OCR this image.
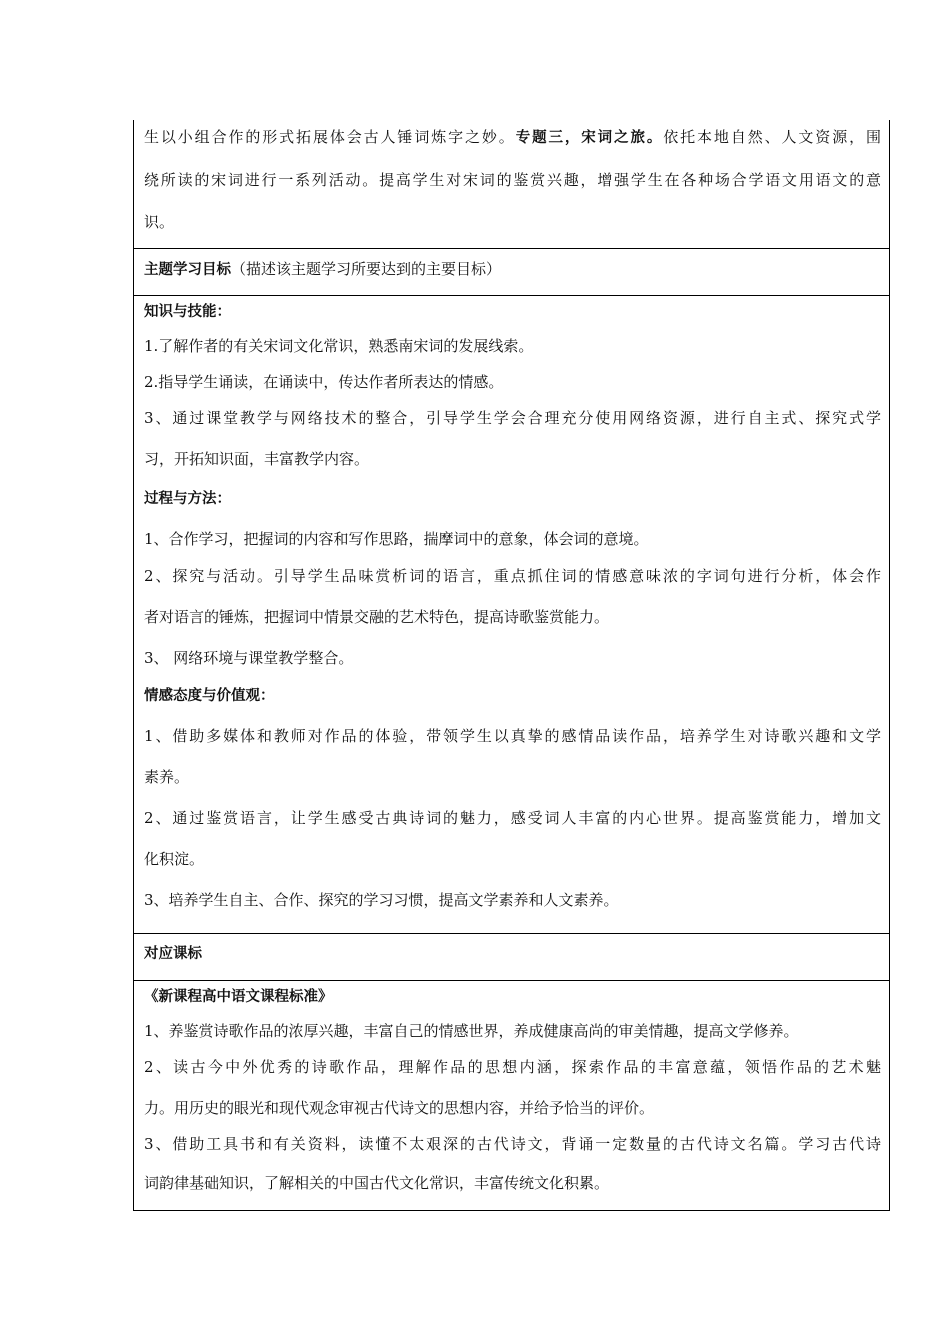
生以小组合作的形式拓展体会古人锤词炼字之妙。专题三，宋词之旅。依托本地自然、人文资源，围
绕所读的宋词进行一系列活动。提高学生对宋词的鉴赏兴趣，增强学生在各种场合学语文用语文的意
识。
主题学习目标（描述该主题学习所要达到的主要目标）
知识与技能：
1.了解作者的有关宋词文化常识，熟悉南宋词的发展线索。
2.指导学生诵读，在诵读中，传达作者所表达的情感。
3、通过课堂教学与网络技术的整合，引导学生学会合理充分使用网络资源，进行自主式、探究式学
习，开拓知识面，丰富教学内容。
过程与方法：
1、合作学习，把握词的内容和写作思路，揣摩词中的意象，体会词的意境。
2、探究与活动。引导学生品味赏析词的语言，重点抓住词的情感意味浓的字词句进行分析，体会作
者对语言的锤炼，把握词中情景交融的艺术特色，提高诗歌鉴赏能力。
3、 网络环境与课堂教学整合。
情感态度与价值观：
1、借助多媒体和教师对作品的体验，带领学生以真挚的感情品读作品，培养学生对诗歌兴趣和文学
素养。
2、通过鉴赏语言，让学生感受古典诗词的魅力，感受词人丰富的内心世界。提高鉴赏能力，增加文
化积淀。
3、培养学生自主、合作、探究的学习习惯，提高文学素养和人文素养。
对应课标
《新课程高中语文课程标准》
1、养鉴赏诗歌作品的浓厚兴趣，丰富自己的情感世界，养成健康高尚的审美情趣，提高文学修养。
2、读古今中外优秀的诗歌作品，理解作品的思想内涵，探索作品的丰富意蕴，领悟作品的艺术魅
力。用历史的眼光和现代观念审视古代诗文的思想内容，并给予恰当的评价。
3、借助工具书和有关资料，读懂不太艰深的古代诗文，背诵一定数量的古代诗文名篇。学习古代诗
词韵律基础知识，了解相关的中国古代文化常识，丰富传统文化积累。
